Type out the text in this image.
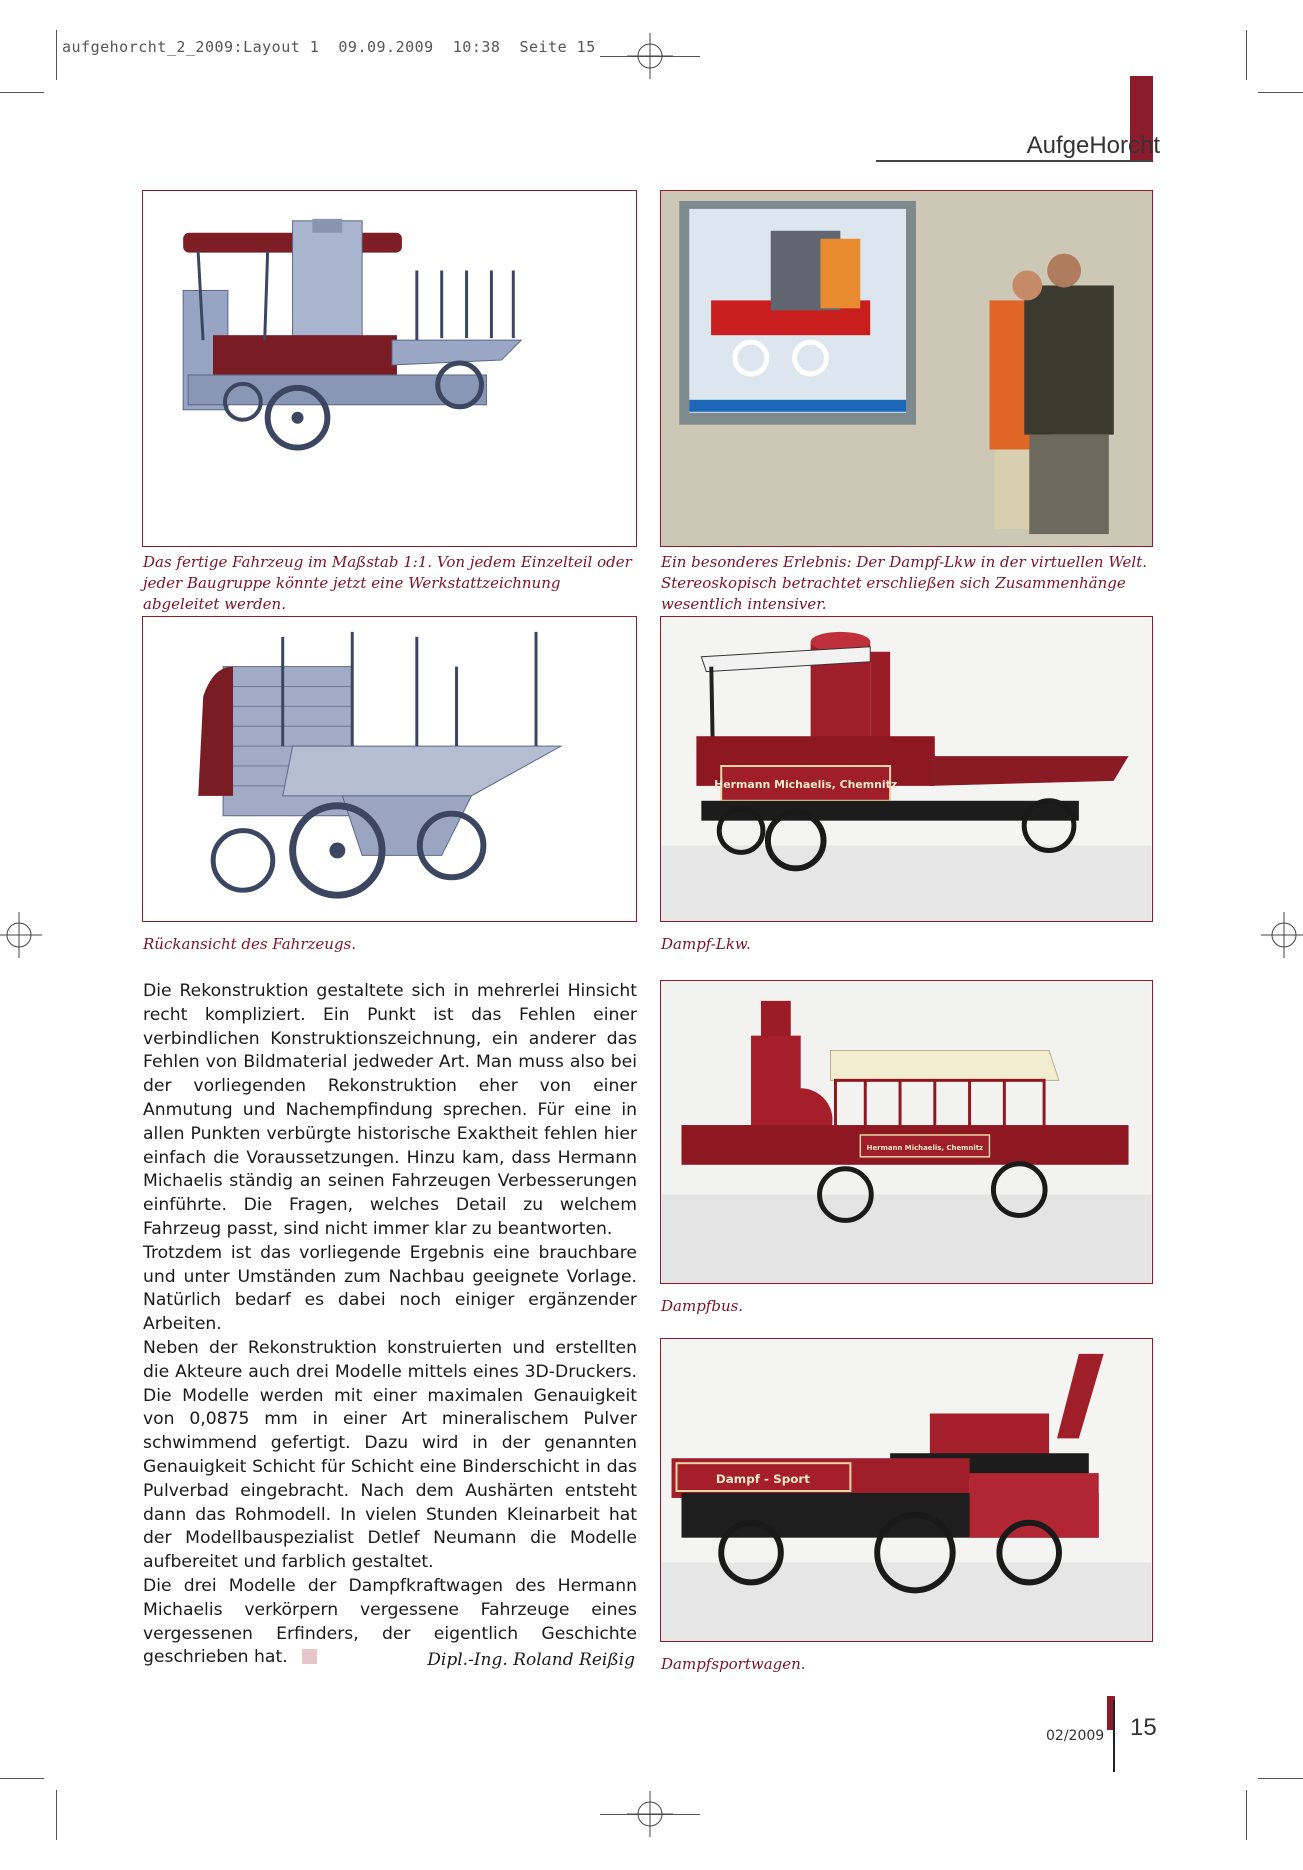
aufgehorcht_2_2009:Layout 1  09.09.2009  10:38  Seite 15
AufgeHorcht
Das fertige Fahrzeug im Maßstab 1:1. Von jedem Einzelteil oder jeder Baugruppe könnte jetzt eine Werkstattzeichnung abgeleitet werden.
Ein besonderes Erlebnis: Der Dampf-Lkw in der virtuellen Welt. Stereoskopisch betrachtet erschließen sich Zusammenhänge wesentlich intensiver.
Rückansicht des Fahrzeugs.
Hermann Michaelis, Chemnitz
Dampf-Lkw.
Hermann Michaelis, Chemnitz
Dampfbus.
Dampf - Sport
Dampfsportwagen.

Die Rekonstruktion gestaltete sich in mehrerlei Hinsicht recht kompliziert. Ein Punkt ist das Fehlen einer verbindlichen Konstruktionszeichnung, ein anderer das Fehlen von Bildmaterial jedweder Art. Man muss also bei der vorliegenden Rekonstruktion eher von einer Anmutung und Nachempfindung sprechen. Für eine in allen Punkten verbürgte historische Exaktheit fehlen hier einfach die Voraussetzungen. Hinzu kam, dass Hermann Michaelis ständig an seinen Fahrzeugen Verbesserungen einführte. Die Fragen, welches Detail zu welchem Fahrzeug passt, sind nicht immer klar zu beantworten.

Trotzdem ist das vorliegende Ergebnis eine brauchbare und unter Umständen zum Nachbau geeignete Vorlage. Natürlich bedarf es dabei noch einiger ergänzender Arbeiten.

Neben der Rekonstruktion konstruierten und erstellten die Akteure auch drei Modelle mittels eines 3D-Druckers. Die Modelle werden mit einer maximalen Genauigkeit von 0,0875 mm in einer Art mineralischem Pulver schwimmend gefertigt. Dazu wird in der genannten Genauigkeit Schicht für Schicht eine Binderschicht in das Pulverbad eingebracht. Nach dem Aushärten entsteht dann das Rohmodell. In vielen Stunden Kleinarbeit hat der Modellbauspezialist Detlef Neumann die Modelle aufbereitet und farblich gestaltet.

Die drei Modelle der Dampfkraftwagen des Hermann Michaelis verkörpern vergessene Fahrzeuge eines vergessenen Erfinders, der eigentlich Geschichte geschrieben hat.	Dipl.-Ing. Roland Reißig
02/2009 15
